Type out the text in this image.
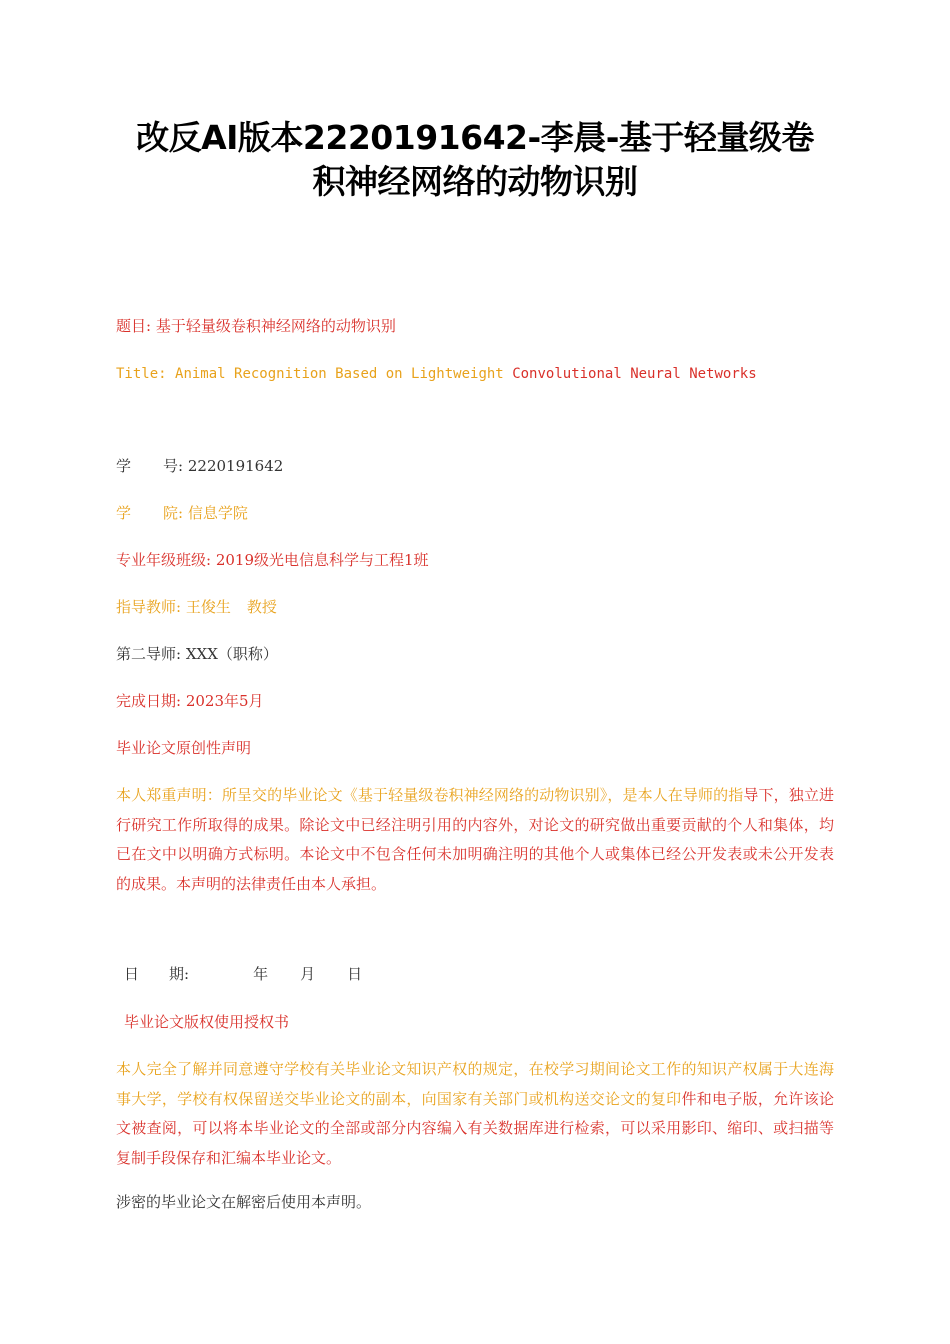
改反AI版本2220191642-李晨-基于轻量级卷
积神经网络的动物识别
题目: 基于轻量级卷积神经网络的动物识别
Title: Animal Recognition Based on Lightweight Convolutional Neural Networks
学 号: 2220191642
学 院: 信息学院
专业年级班级: 2019级光电信息科学与工程1班
指导教师: 王俊生 教授
第二导师: XXX（职称）
完成日期: 2023年5月
毕业论文原创性声明
本人郑重声明：所呈交的毕业论文《基于轻量级卷积神经网络的动物识别》，是本人在导师的指导下，独立进行研究工作所取得的成果。除论文中已经注明引用的内容外，对论文的研究做出重要贡献的个人和集体，均已在文中以明确方式标明。本论文中不包含任何未加明确注明的其他个人或集体已经公开发表或未公开发表的成果。本声明的法律责任由本人承担。
日 期:	年 月 日
毕业论文版权使用授权书
本人完全了解并同意遵守学校有关毕业论文知识产权的规定，在校学习期间论文工作的知识产权属于大连海事大学，学校有权保留送交毕业论文的副本，向国家有关部门或机构送交论文的复印件和电子版，允许该论文被查阅，可以将本毕业论文的全部或部分内容编入有关数据库进行检索，可以采用影印、缩印、或扫描等复制手段保存和汇编本毕业论文。
涉密的毕业论文在解密后使用本声明。
